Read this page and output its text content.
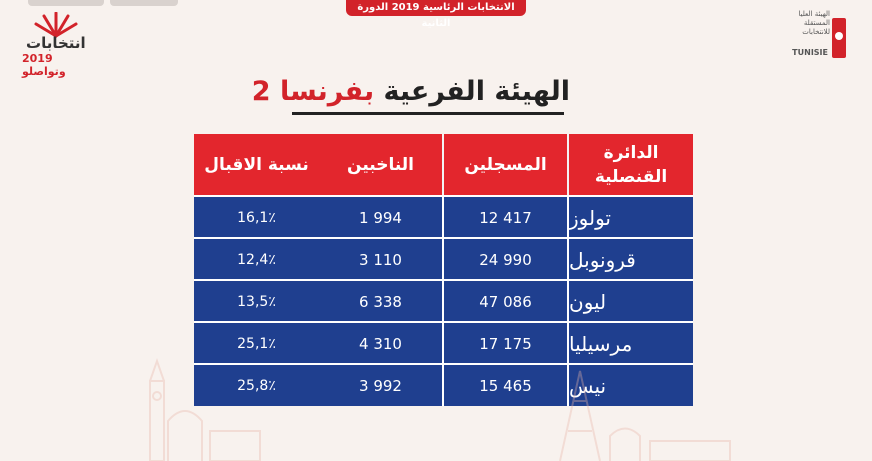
الانتخابات الرئاسية 2019 الدورة الثانية
انتخابات
2019 وتواصلو
الهيئة العليا المستقلة للانتخابات
TUNISIE
الهيئة الفرعية بفرنسا 2
الدائرة القنصلية
المسجلين
الناخبين
نسبة الاقبال
تولوز
12 417
1 994
16,1٪
قرونوبل
24 990
3 110
12,4٪
ليون
47 086
6 338
13,5٪
مرسيليا
17 175
4 310
25,1٪
نيس
15 465
3 992
25,8٪
